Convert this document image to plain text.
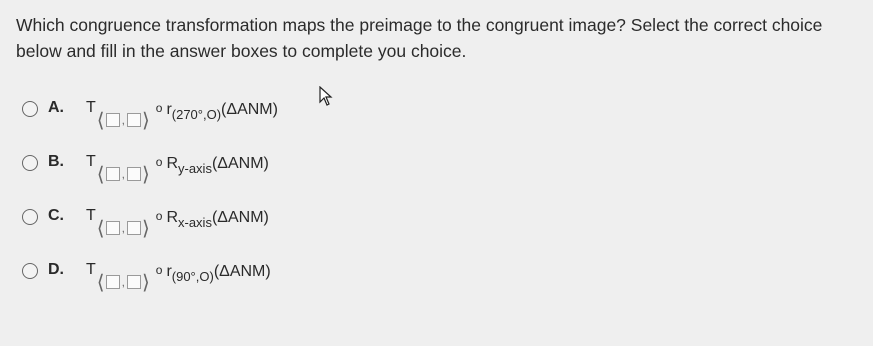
Which congruence transformation maps the preimage to the congruent image? Select the correct choice below and fill in the answer boxes to complete you choice.
A.	T
⟨ , ⟩ o $r_{(270^\circ,O)}$ (ΔANM)
B.	T
⟨ , ⟩ o $R_{y-axis}$ (ΔANM)
C.	T
⟨ , ⟩ o $R_{x-axis}$ (ΔANM)
D.	T
⟨ , ⟩ o $r_{(90^\circ,O)}$ (ΔANM)
